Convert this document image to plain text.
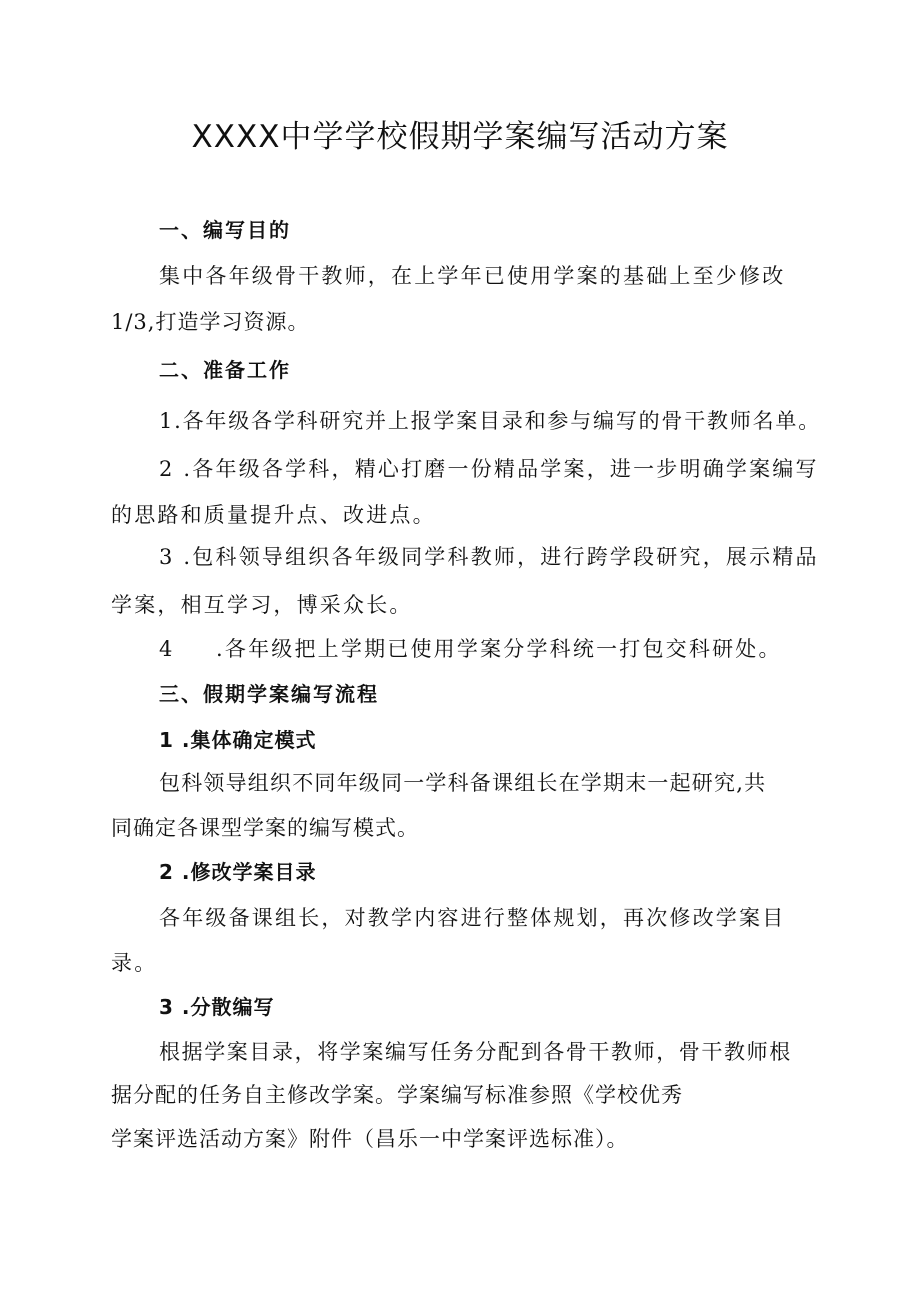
XXXX中学学校假期学案编写活动方案
一、编写目的
集中各年级骨干教师，在上学年已使用学案的基础上至少修改
1/3,打造学习资源。
二、准备工作
1.各年级各学科研究并上报学案目录和参与编写的骨干教师名单。
2 .各年级各学科，精心打磨一份精品学案，进一步明确学案编写
的思路和质量提升点、改进点。
3 .包科领导组织各年级同学科教师，进行跨学段研究，展示精品
学案，相互学习，博采众长。
4 .各年级把上学期已使用学案分学科统一打包交科研处。
三、假期学案编写流程
1 .集体确定模式
包科领导组织不同年级同一学科备课组长在学期末一起研究,共
同确定各课型学案的编写模式。
2 .修改学案目录
各年级备课组长，对教学内容进行整体规划，再次修改学案目
录。
3 .分散编写
根据学案目录，将学案编写任务分配到各骨干教师，骨干教师根
据分配的任务自主修改学案。学案编写标准参照《学校优秀
学案评选活动方案》附件（昌乐一中学案评选标准）。
